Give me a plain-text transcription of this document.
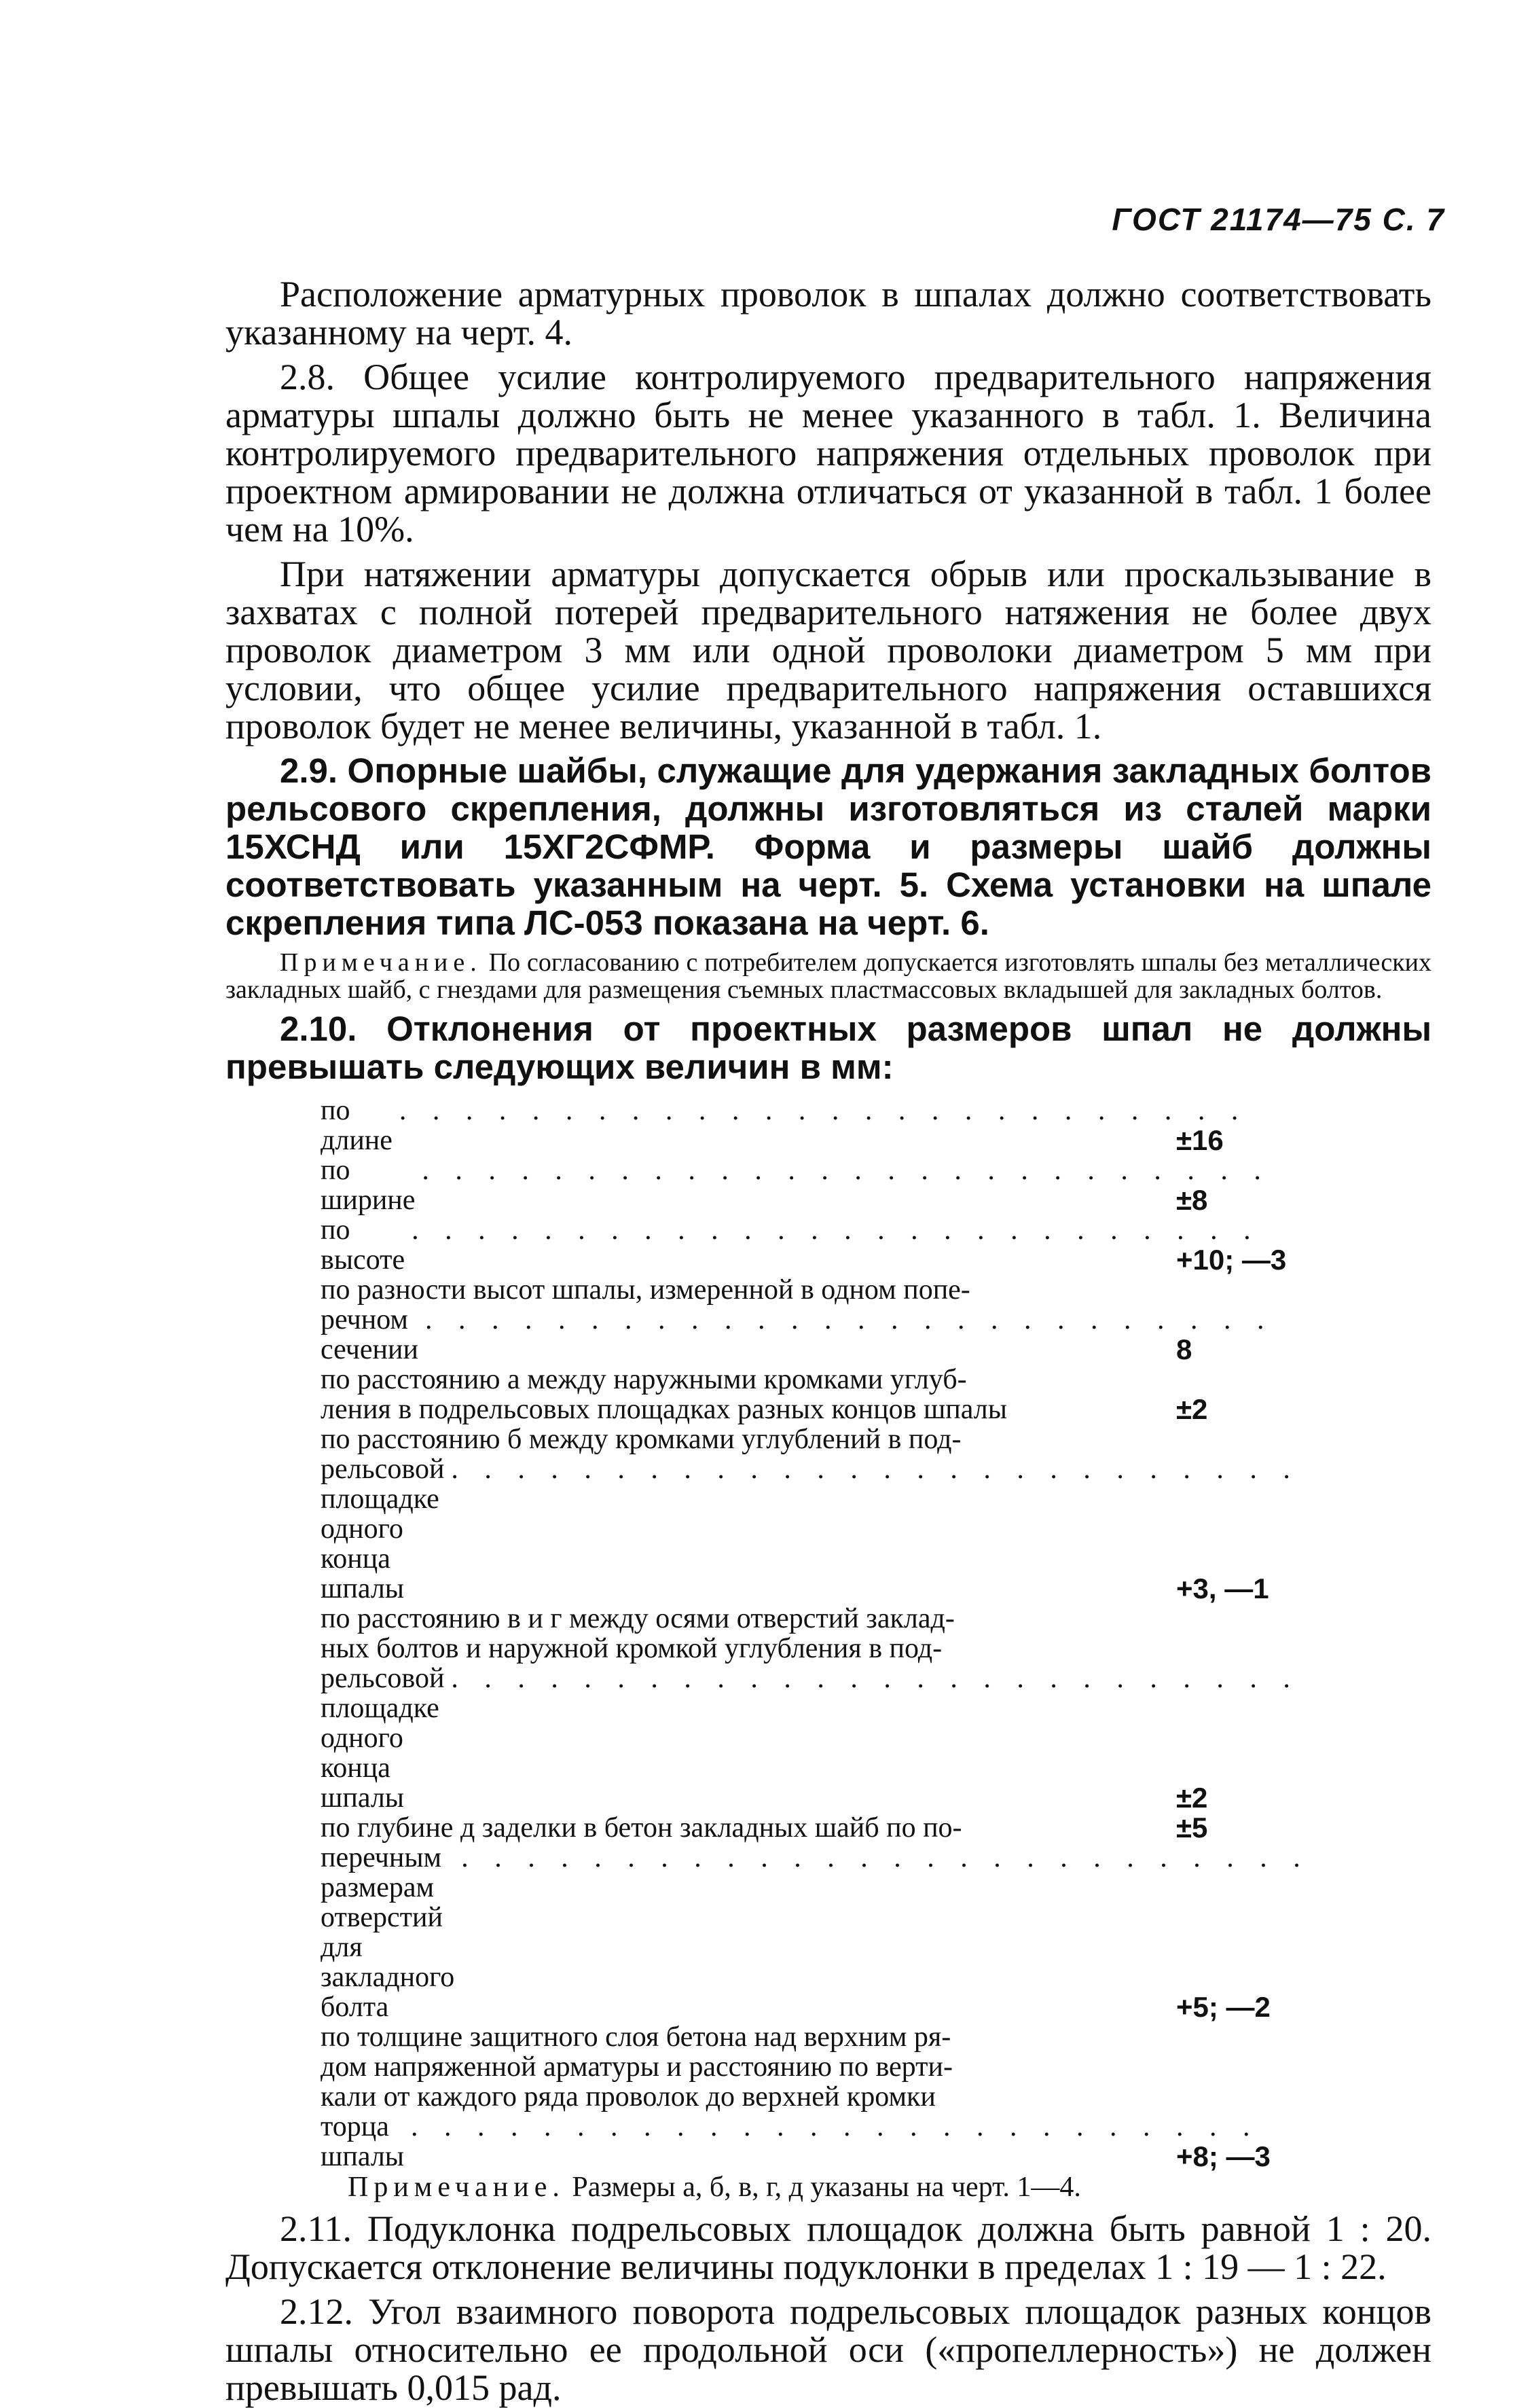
ГОСТ 21174—75 С. 7

Расположение арматурных проволок в шпалах должно соответствовать указанному на черт. 4.

2.8. Общее усилие контролируемого предварительного напряжения арматуры шпалы должно быть не менее указанного в табл. 1. Величина контролируемого предварительного напряжения отдельных проволок при проектном армировании не должна отличаться от указанной в табл. 1 более чем на 10%.

При натяжении арматуры допускается обрыв или проскальзывание в захватах с полной потерей предварительного натяжения не более двух проволок диаметром 3 мм или одной проволоки диаметром 5 мм при условии, что общее усилие предварительного напряжения оставшихся проволок будет не менее величины, указанной в табл. 1.

2.9. Опорные шайбы, служащие для удержания закладных болтов рельсового скрепления, должны изготовляться из сталей марки 15ХСНД или 15ХГ2СФМР. Форма и размеры шайб должны соответствовать указанным на черт. 5. Схема установки на шпале скрепления типа ЛС-053 показана на черт. 6.

Примечание. По согласованию с потребителем допускается изготовлять шпалы без металлических закладных шайб, с гнездами для размещения съемных пластмассовых вкладышей для закладных болтов.

2.10. Отклонения от проектных размеров шпал не должны превышать следующих величин в мм:

по длине
. . . . . . . . . . . . . . . . . . . . . . . . . .
±16
по ширине
. . . . . . . . . . . . . . . . . . . . . . . . . .
±8
по высоте
. . . . . . . . . . . . . . . . . . . . . . . . . .
+10; —3
по разности высот шпалы, измеренной в одном попе-
речном сечении
. . . . . . . . . . . . . . . . . . . . . . . . . .
8
по расстоянию а между наружными кромками углуб-
ления в подрельсовых площадках разных концов шпалы	±2
по расстоянию б между кромками углублений в под-
рельсовой площадке одного конца шпалы
. . . . . . . . . . . . . . . . . . . . . . . . . .
+3, —1
по расстоянию в и г между осями отверстий заклад-
ных болтов и наружной кромкой углубления в под-
рельсовой площадке одного конца шпалы
. . . . . . . . . . . . . . . . . . . . . . . . . .
±2
по глубине д заделки в бетон закладных шайб по по-	±5
перечным размерам отверстий для закладного болта
. . . . . . . . . . . . . . . . . . . . . . . . . .
+5; —2
по толщине защитного слоя бетона над верхним ря-
дом напряженной арматуры и расстоянию по верти-
кали от каждого ряда проволок до верхней кромки
торца шпалы
. . . . . . . . . . . . . . . . . . . . . . . . . .
+8; —3

Примечание. Размеры а, б, в, г, д указаны на черт. 1—4.

2.11. Подуклонка подрельсовых площадок должна быть равной 1 : 20. Допускается отклонение величины подуклонки в пределах 1 : 19 — 1 : 22.

2.12. Угол взаимного поворота подрельсовых площадок разных концов шпалы относительно ее продольной оси («пропеллерность») не должен превышать 0,015 рад.
